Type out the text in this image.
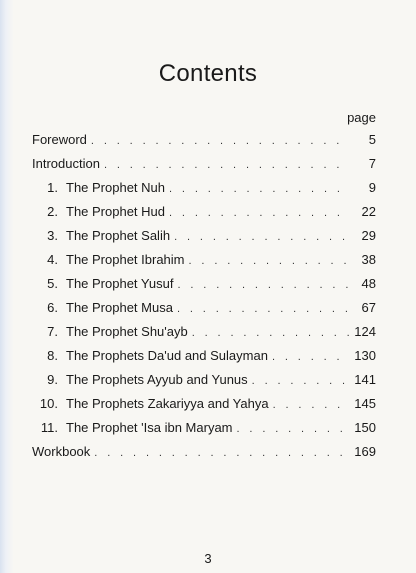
Contents
page
Foreword . . .	5
Introduction . . .	7
1. The Prophet Nuh . . .	9
2. The Prophet Hud . . .	22
3. The Prophet Salih . . .	29
4. The Prophet Ibrahim . . .	38
5. The Prophet Yusuf . . .	48
6. The Prophet Musa . . .	67
7. The Prophet Shu'ayb . . .	124
8. The Prophets Da'ud and Sulayman . . .	130
9. The Prophets Ayyub and Yunus . . .	141
10. The Prophets Zakariyya and Yahya . . .	145
11. The Prophet 'Isa ibn Maryam . . .	150
Workbook . . .	169
3
